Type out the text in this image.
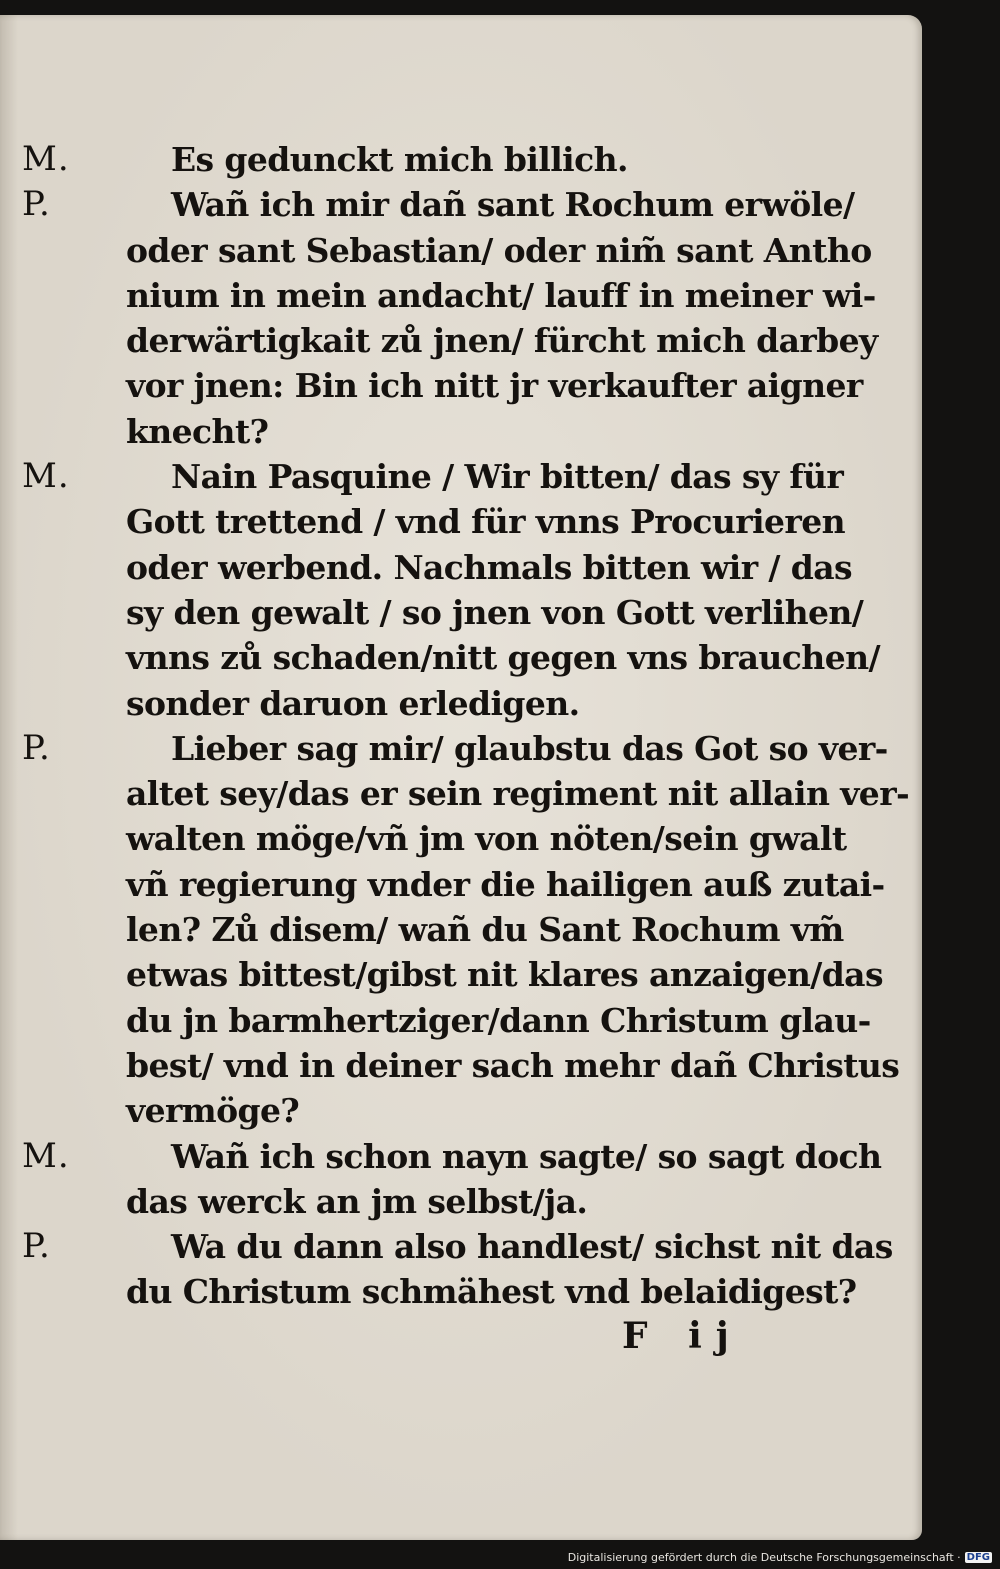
M.	Es gedunckt mich billich.
P.	Wañ ich mir dañ sant Rochum erwöle/
oder sant Sebastian/ oder nim̃ sant Antho
nium in mein andacht/ lauff in meiner wi-
derwärtigkait zů jnen/ fürcht mich darbey
vor jnen: Bin ich nitt jr verkaufter aigner
knecht?
M.	Nain Pasquine / Wir bitten/ das sy für
Gott trettend / vnd für vnns Procurieren
oder werbend. Nachmals bitten wir / das
sy den gewalt / so jnen von Gott verlihen/
vnns zů schaden/nitt gegen vns brauchen/
sonder daruon erledigen.
P.	Lieber sag mir/ glaubstu das Got so ver-
altet sey/das er sein regiment nit allain ver-
walten möge/vñ jm von nöten/sein gwalt
vñ regierung vnder die hailigen auß zutai-
len? Zů disem/ wañ du Sant Rochum vm̃
etwas bittest/gibst nit klares anzaigen/das
du jn barmhertziger/dann Christum glau-
best/ vnd in deiner sach mehr dañ Christus
vermöge?
M.	Wañ ich schon nayn sagte/ so sagt doch
das werck an jm selbst/ja.
P.	Wa du dann also handlest/ sichst nit das
du Christum schmähest vnd belaidigest?
F ij
Digitalisierung gefördert durch die Deutsche Forschungsgemeinschaft · DFG
